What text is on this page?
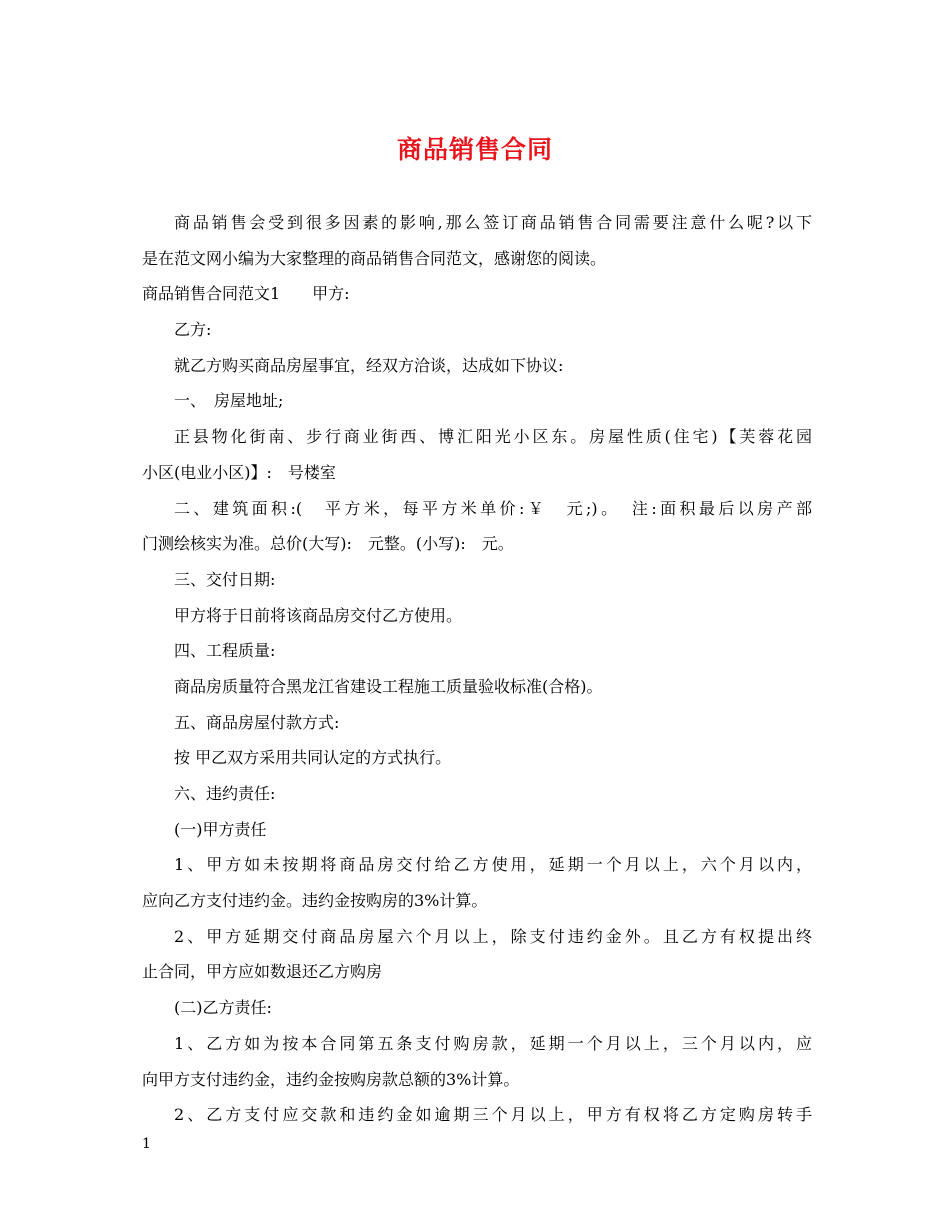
商品销售合同
商品销售会受到很多因素的影响,那么签订商品销售合同需要注意什么呢?以下
是在范文网小编为大家整理的商品销售合同范文，感谢您的阅读。
商品销售合同范文1　　甲方:
乙方:
就乙方购买商品房屋事宜，经双方洽谈，达成如下协议:
一、　房屋地址;
正县物化街南、步行商业街西、博汇阳光小区东。房屋性质(住宅)【芙蓉花园
小区(电业小区)】:　号楼室
二、建筑面积:(　平方米，每平方米单价:￥　元;)。　注:面积最后以房产部
门测绘核实为准。总价(大写):　元整。(小写):　元。
三、交付日期:
甲方将于日前将该商品房交付乙方使用。
四、工程质量:
商品房质量符合黑龙江省建设工程施工质量验收标准(合格)。
五、商品房屋付款方式:
按 甲乙双方采用共同认定的方式执行。
六、违约责任:
(一)甲方责任
1、甲方如未按期将商品房交付给乙方使用，延期一个月以上，六个月以内，
应向乙方支付违约金。违约金按购房的3%计算。
2、甲方延期交付商品房屋六个月以上，除支付违约金外。且乙方有权提出终
止合同，甲方应如数退还乙方购房
(二)乙方责任:
1、乙方如为按本合同第五条支付购房款，延期一个月以上，三个月以内，应
向甲方支付违约金，违约金按购房款总额的3%计算。
2、乙方支付应交款和违约金如逾期三个月以上，甲方有权将乙方定购房转手
1
